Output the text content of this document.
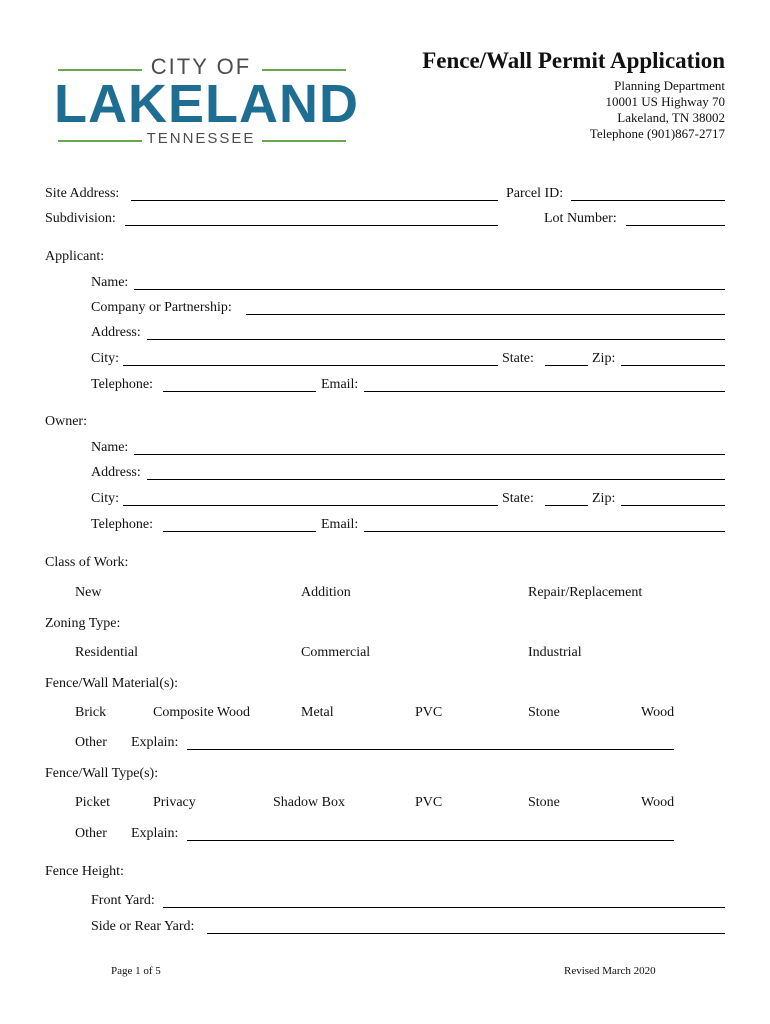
CITY OF
LAKELAND
TENNESSEE
Fence/Wall Permit Application
Planning Department
10001 US Highway 70
Lakeland, TN 38002
Telephone (901)867-2717
Site Address:	Parcel ID:
Subdivision:	Lot Number:
Applicant:
Name:
Company or Partnership:
Address:
City:	State:	Zip:
Telephone:	Email:
Owner:
Name:
Address:
City:	State:	Zip:
Telephone:	Email:
Class of Work:
New	Addition	Repair/Replacement
Zoning Type:
Residential	Commercial	Industrial
Fence/Wall Material(s):
Brick	Composite Wood	Metal	PVC	Stone	Wood
Other Explain:
Fence/Wall Type(s):
Picket	Privacy	Shadow Box	PVC	Stone	Wood
Other Explain:
Fence Height:
Front Yard:
Side or Rear Yard:
Page 1 of 5	Revised March 2020
